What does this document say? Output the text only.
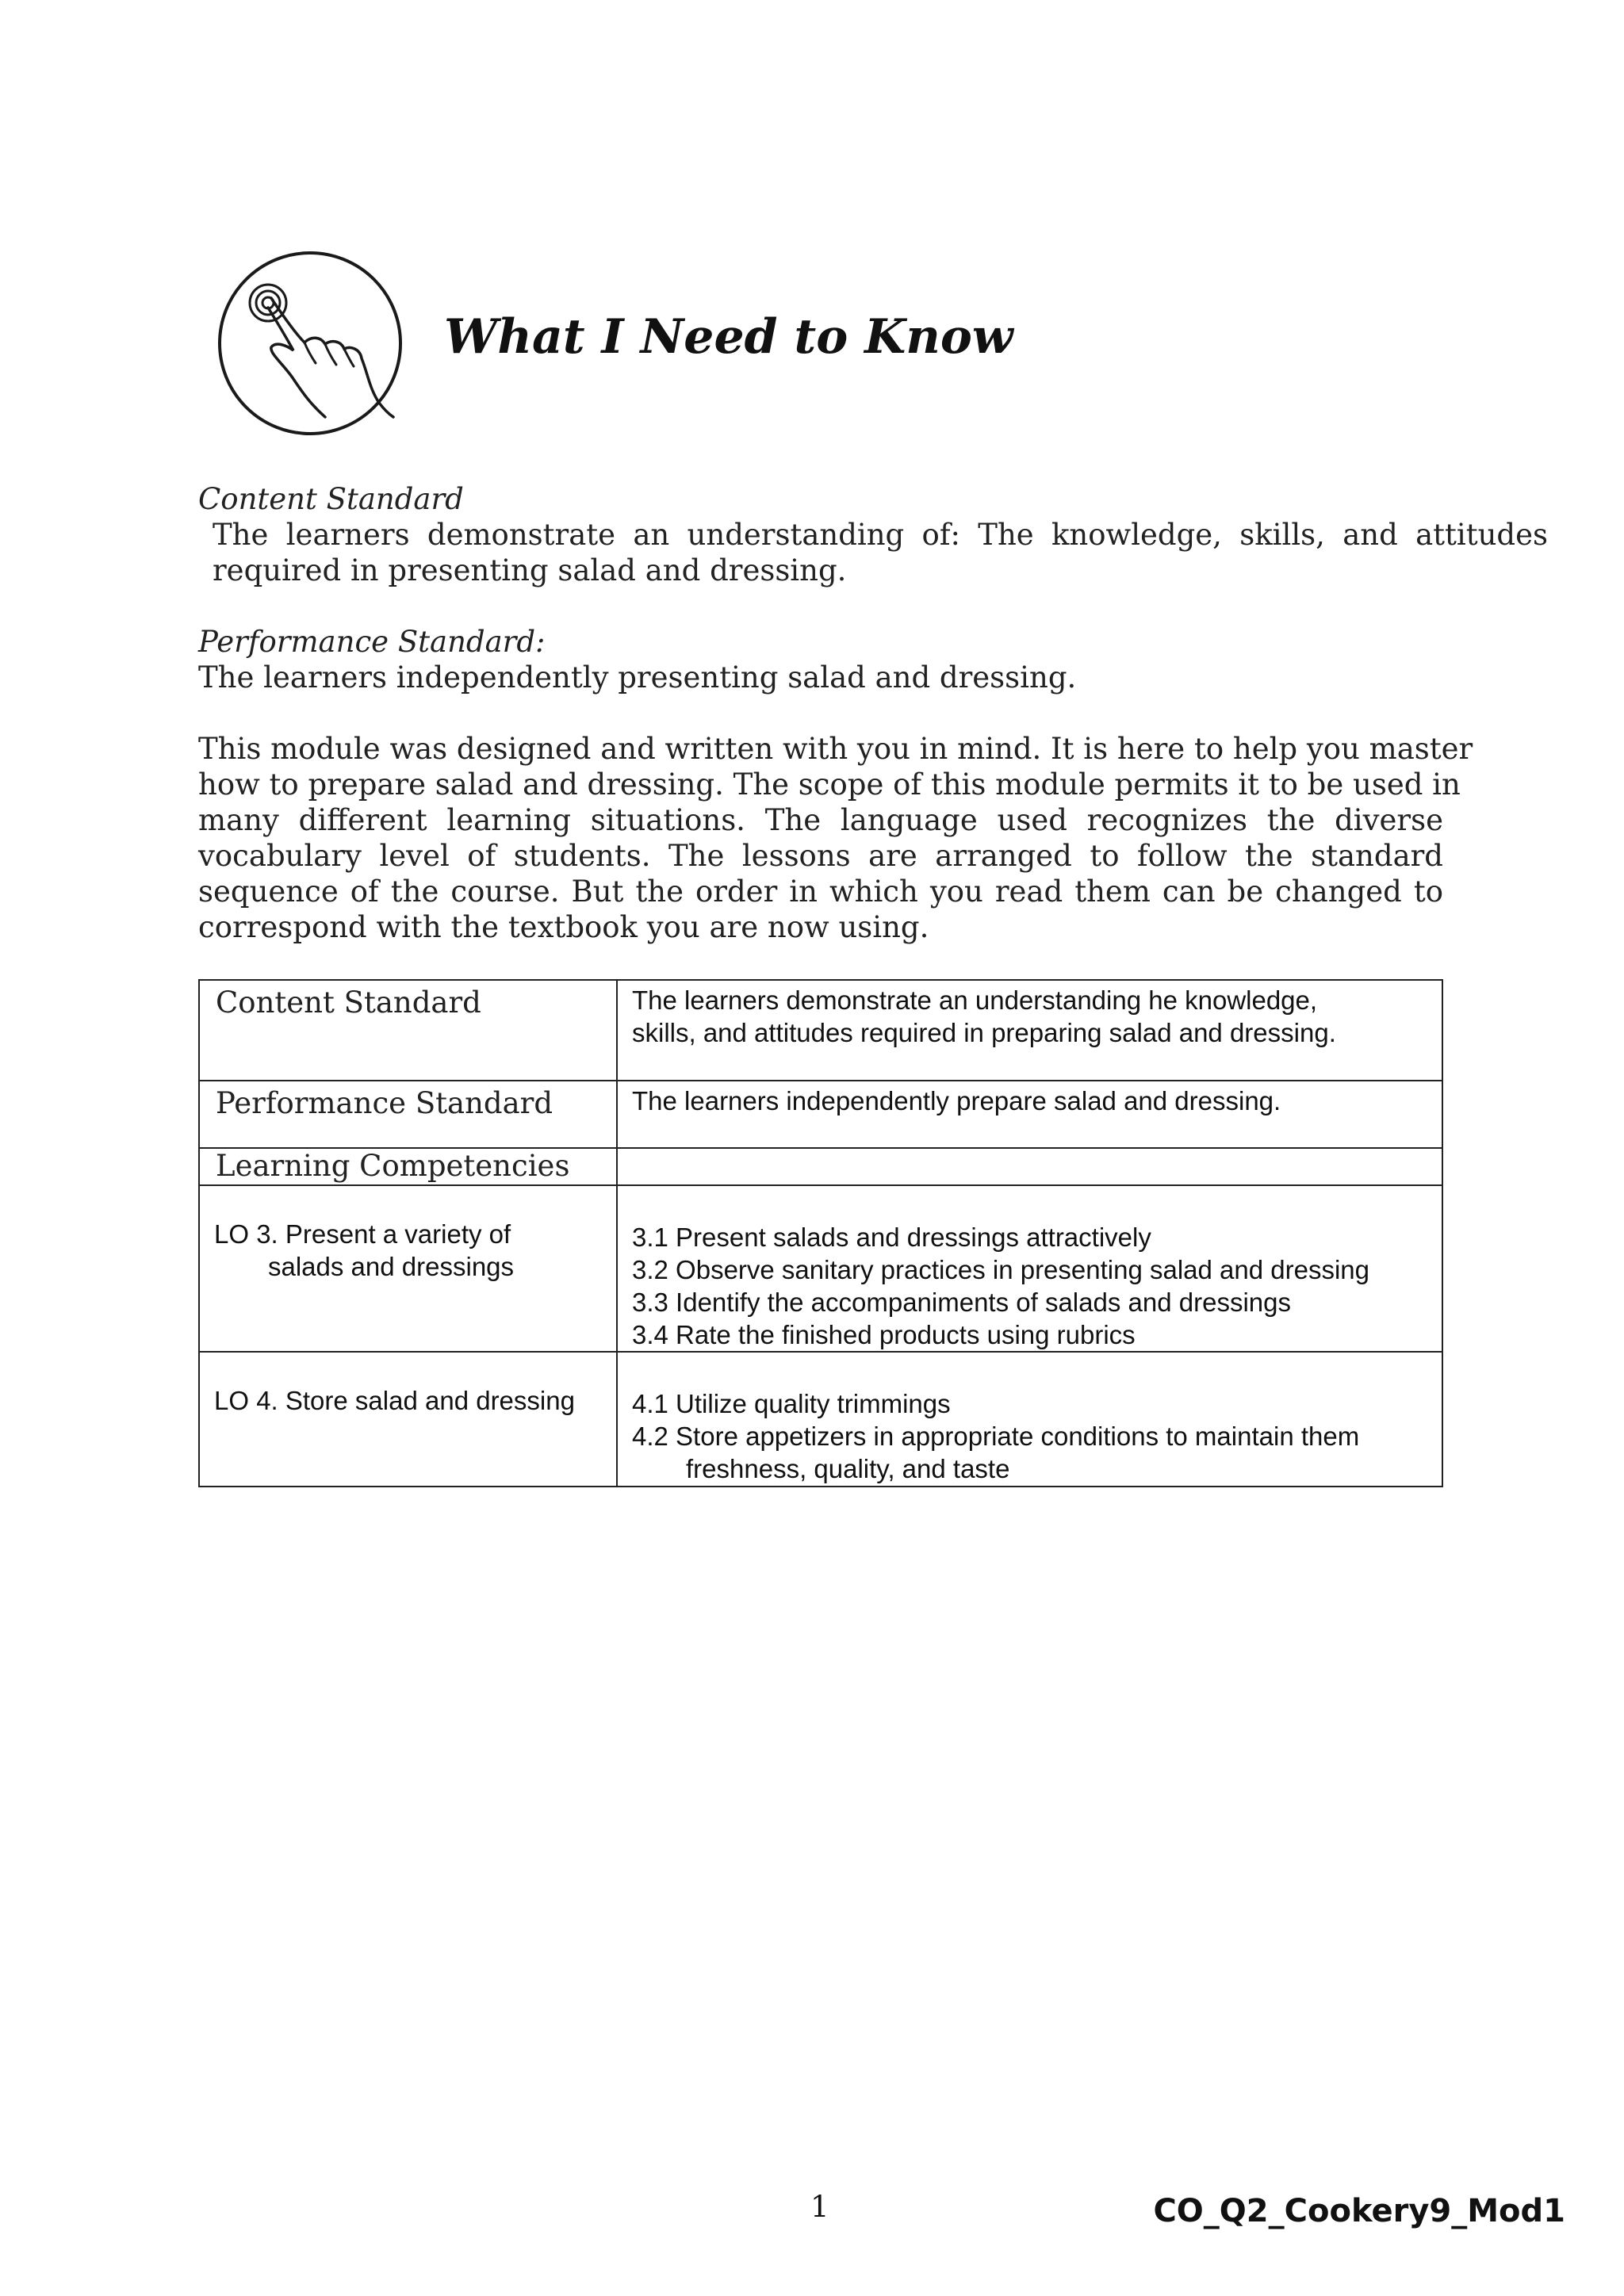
What I Need to Know
Content Standard
The learners demonstrate an understanding of: The knowledge, skills, and attitudes
required in presenting salad and dressing.
Performance Standard:
The learners independently presenting salad and dressing.
This module was designed and written with you in mind. It is here to help you master
how to prepare salad and dressing. The scope of this module permits it to be used in
many different learning situations. The language used recognizes the diverse
vocabulary level of students. The lessons are arranged to follow the standard
sequence of the course. But the order in which you read them can be changed to
correspond with the textbook you are now using.
Content Standard	The learners demonstrate an understanding he knowledge,
skills, and attitudes required in preparing salad and dressing.

Performance Standard	The learners independently prepare salad and dressing.

Learning Competencies	

LO 3. Present a variety of
salads and dressings	3.1 Present salads and dressings attractively
3.2 Observe sanitary practices in presenting salad and dressing
3.3 Identify the accompaniments of salads and dressings
3.4 Rate the finished products using rubrics

LO 4. Store salad and dressing	4.1 Utilize quality trimmings
4.2 Store appetizers in appropriate conditions to maintain them
freshness, quality, and taste
1	CO_Q2_Cookery9_Mod1
